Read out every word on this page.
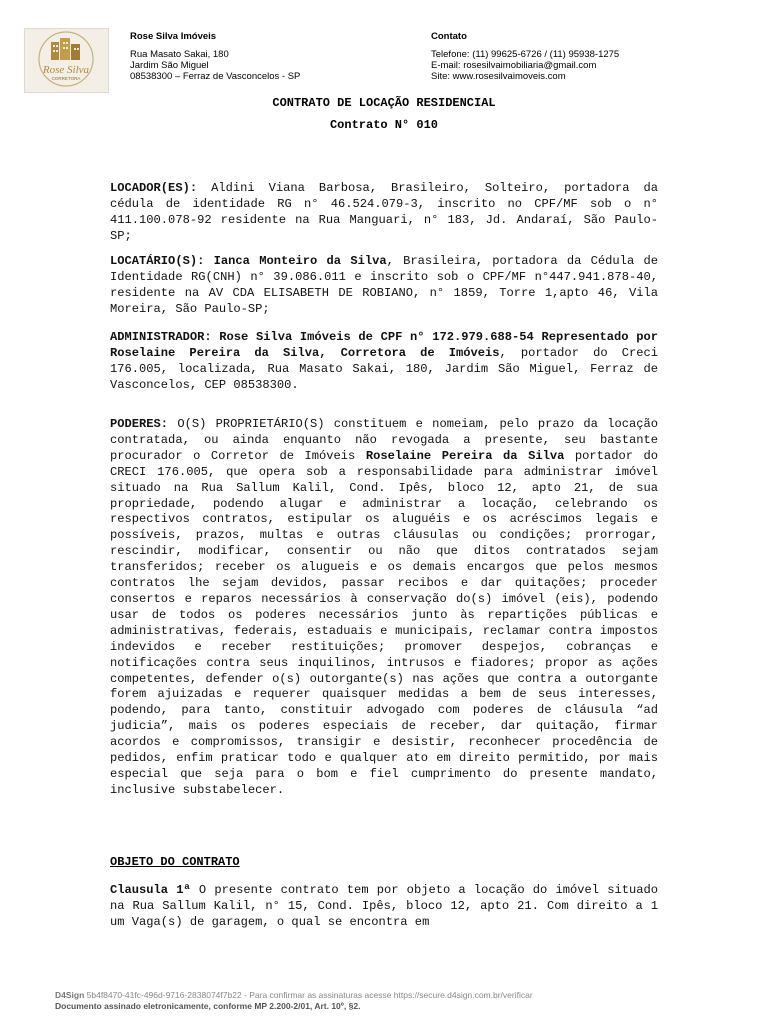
Rose Silva
CORRETORA
Rose Silva Imóveis
Rua Masato Sakai, 180
Jardim São Miguel
08538300 – Ferraz de Vasconcelos - SP
Contato
Telefone: (11) 99625-6726 / (11) 95938-1275
E-mail: rosesilvaimobiliaria@gmail.com
Site: www.rosesilvaimoveis.com
CONTRATO DE LOCAÇÃO RESIDENCIAL
Contrato N° 010

LOCADOR(ES): Aldini Viana Barbosa, Brasileiro, Solteiro, portadora da cédula de identidade RG n° 46.524.079-3, inscrito no CPF/MF sob o n° 411.100.078-92 residente na Rua Manguari, n° 183, Jd. Andaraí, São Paulo-SP;

LOCATÁRIO(S): Ianca Monteiro da Silva, Brasileira, portadora da Cédula de Identidade RG(CNH) n° 39.086.011 e inscrito sob o CPF/MF n°447.941.878-40, residente na AV CDA ELISABETH DE ROBIANO, n° 1859, Torre 1,apto 46, Vila Moreira, São Paulo-SP;

ADMINISTRADOR: Rose Silva Imóveis de CPF n° 172.979.688-54 Representado por Roselaine Pereira da Silva, Corretora de Imóveis, portador do Creci 176.005, localizada, Rua Masato Sakai, 180, Jardim São Miguel, Ferraz de Vasconcelos, CEP 08538300.

PODERES: O(S) PROPRIETÁRIO(S) constituem e nomeiam, pelo prazo da locação contratada, ou ainda enquanto não revogada a presente, seu bastante procurador o Corretor de Imóveis Roselaine Pereira da Silva portador do CRECI 176.005, que opera sob a responsabilidade para administrar imóvel situado na Rua Sallum Kalil, Cond. Ipês, bloco 12, apto 21, de sua propriedade, podendo alugar e administrar a locação, celebrando os respectivos contratos, estipular os aluguéis e os acréscimos legais e possíveis, prazos, multas e outras cláusulas ou condições; prorrogar, rescindir, modificar, consentir ou não que ditos contratados sejam transferidos; receber os alugueis e os demais encargos que pelos mesmos contratos lhe sejam devidos, passar recibos e dar quitações; proceder consertos e reparos necessários à conservação do(s) imóvel (eis), podendo usar de todos os poderes necessários junto às repartições públicas e administrativas, federais, estaduais e municipais, reclamar contra impostos indevidos e receber restituições; promover despejos, cobranças e notificações contra seus inquilinos, intrusos e fiadores; propor as ações competentes, defender o(s) outorgante(s) nas ações que contra a outorgante forem ajuizadas e requerer quaisquer medidas a bem de seus interesses, podendo, para tanto, constituir advogado com poderes de cláusula “ad judicia”, mais os poderes especiais de receber, dar quitação, firmar acordos e compromissos, transigir e desistir, reconhecer procedência de pedidos, enfim praticar todo e qualquer ato em direito permitido, por mais especial que seja para o bom e fiel cumprimento do presente mandato, inclusive substabelecer.

OBJETO DO CONTRATO

Clausula 1ª O presente contrato tem por objeto a locação do imóvel situado na Rua Sallum Kalil, n° 15, Cond. Ipês, bloco 12, apto 21. Com direito a 1 um Vaga(s) de garagem, o qual se encontra em

D4Sign 5b4f8470-41fc-496d-9716-2838074f7b22 - Para confirmar as assinaturas acesse https://secure.d4sign.com.br/verificar
Documento assinado eletronicamente, conforme MP 2.200-2/01, Art. 10º, §2.
